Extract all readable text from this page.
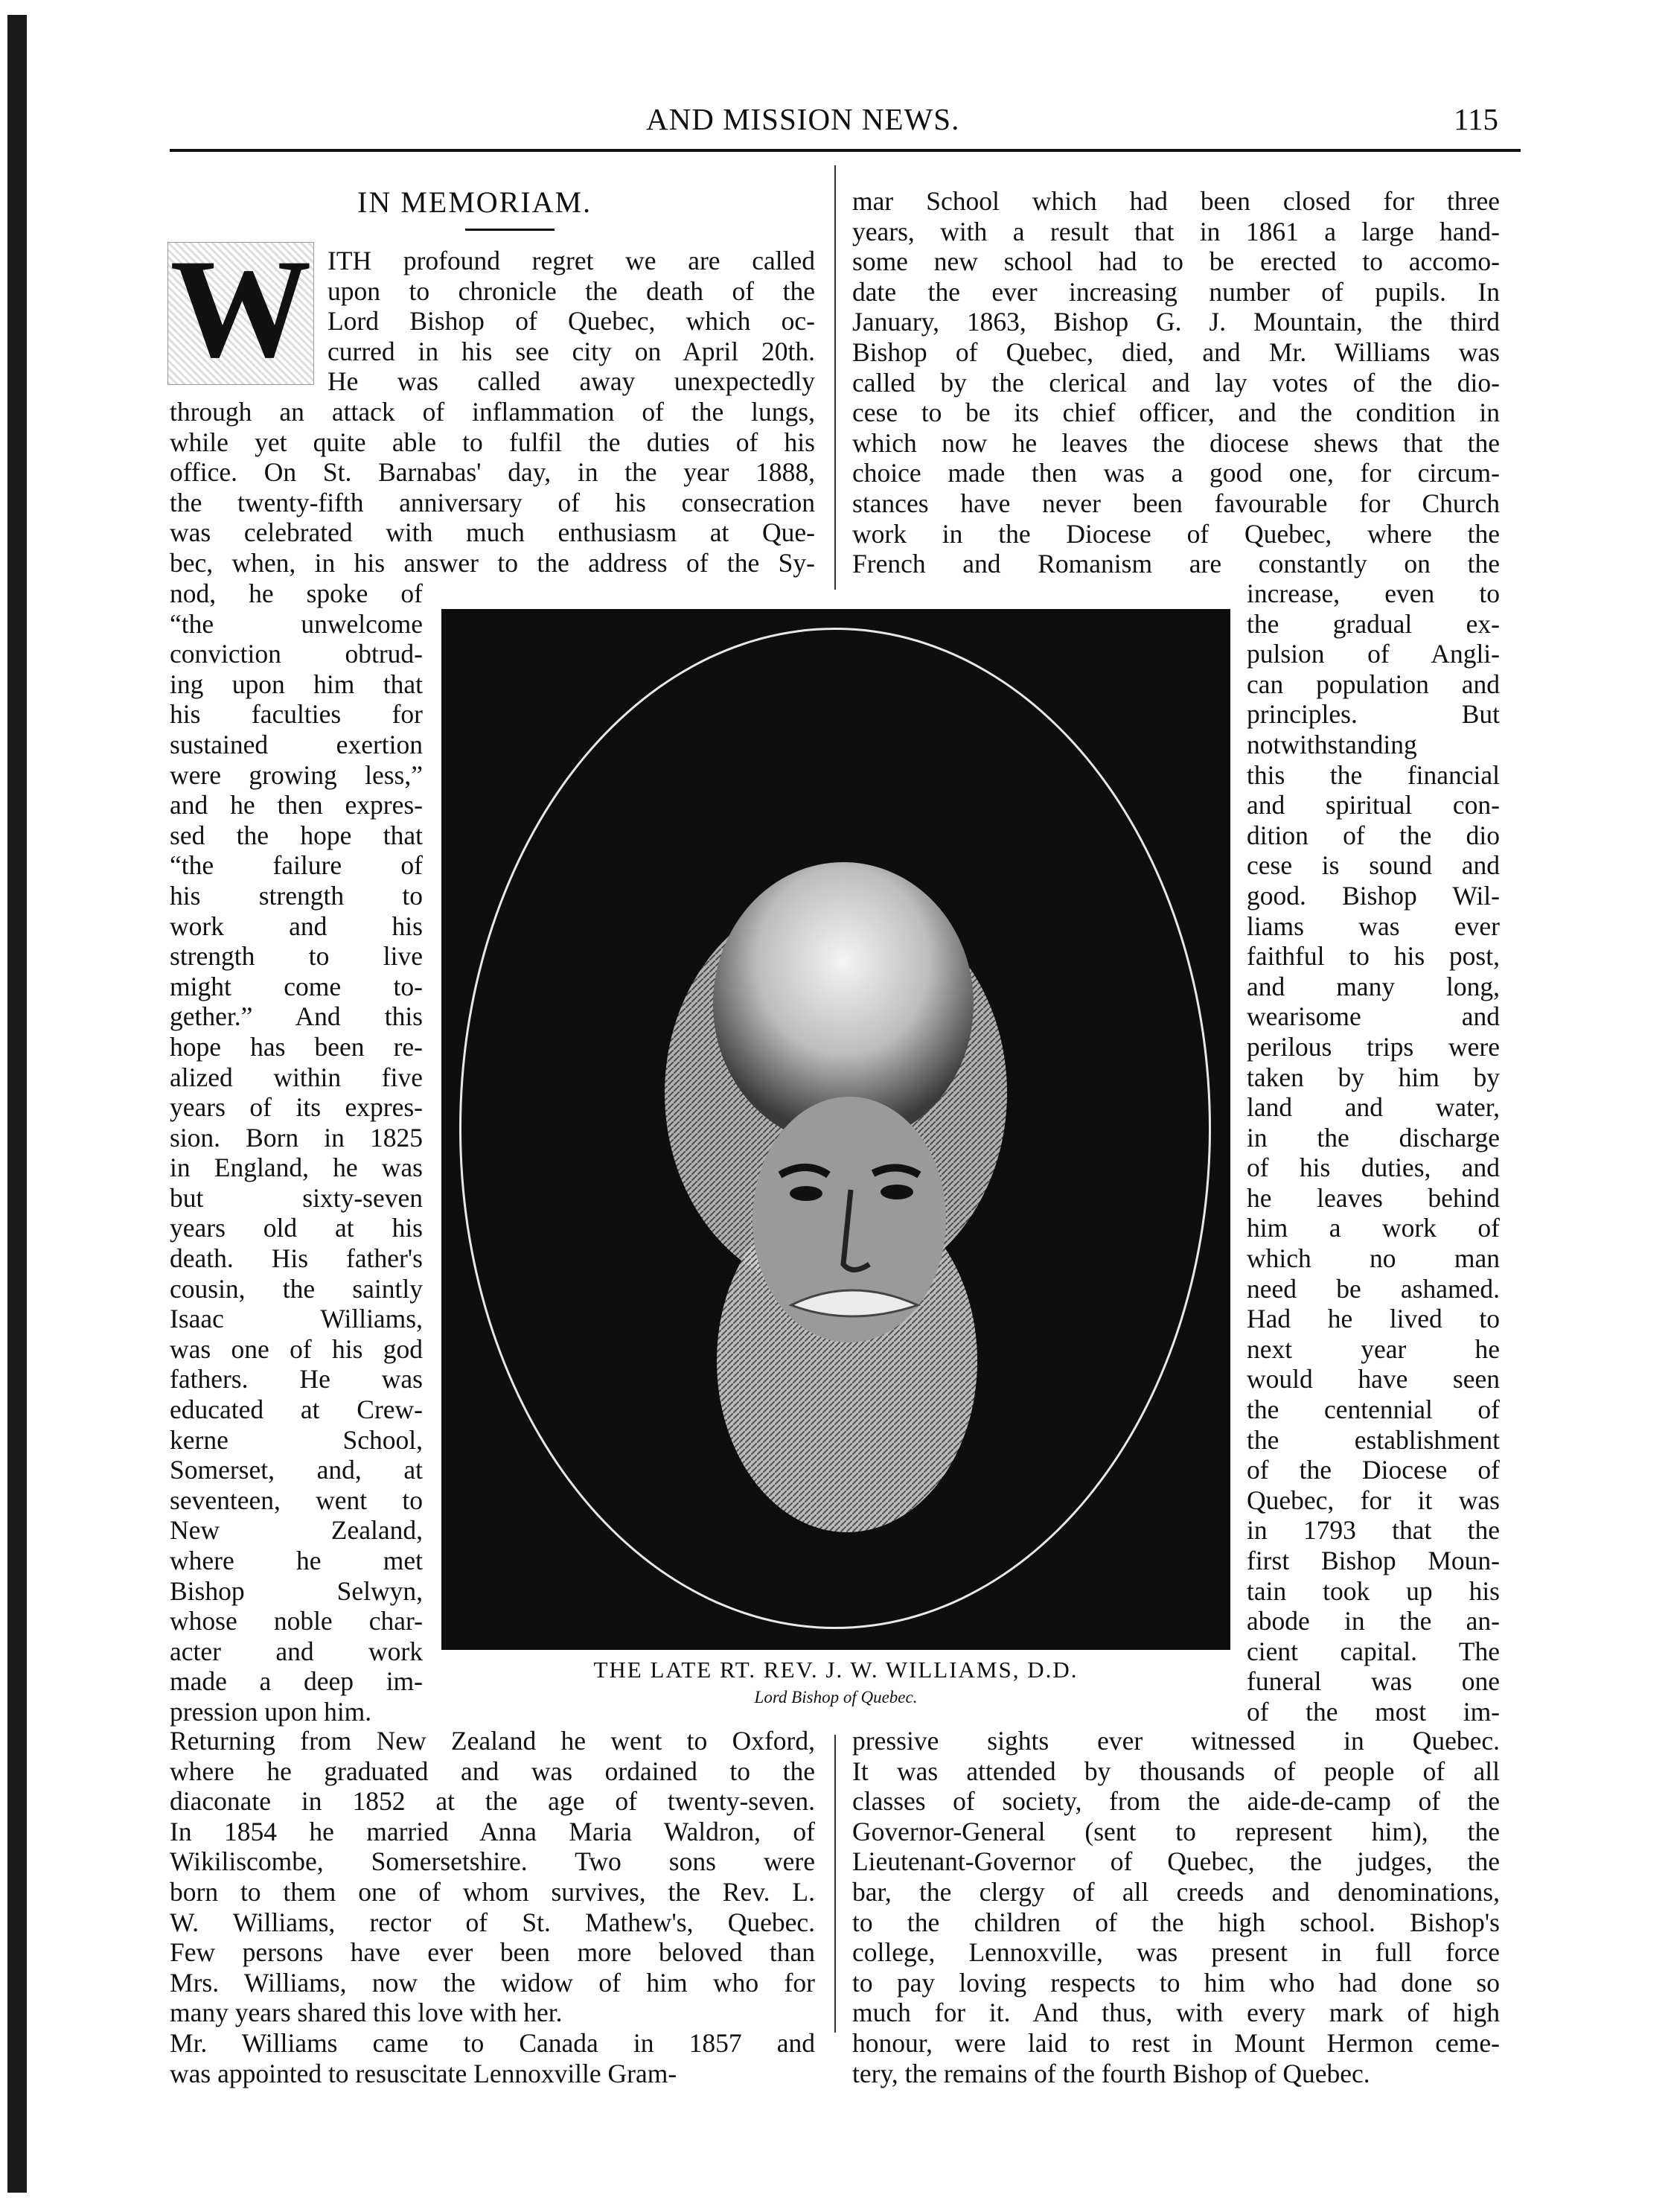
AND MISSION NEWS.	115
IN MEMORIAM.
W ITH profound regret we are called
upon to chronicle the death of the
Lord Bishop of Quebec, which oc-
curred in his see city on April 20th.
He was called away unexpectedly
through an attack of inflammation of the lungs,
while yet quite able to fulfil the duties of his
office. On St. Barnabas' day, in the year 1888,
the twenty-fifth anniversary of his consecration
was celebrated with much enthusiasm at Que-
bec, when, in his answer to the address of the Sy-
nod, he spoke of
“the unwelcome
conviction obtrud-
ing upon him that
his faculties for
sustained exertion
were growing less,”
and he then expres-
sed the hope that
“the failure of
his strength to
work and his
strength to live
might come to-
gether.” And this
hope has been re-
alized within five
years of its expres-
sion. Born in 1825
in England, he was
but sixty-seven
years old at his
death. His father's
cousin, the saintly
Isaac Williams,
was one of his god
fathers. He was
educated at Crew-
kerne School,
Somerset, and, at
seventeen, went to
New Zealand,
where he met
Bishop Selwyn,
whose noble char-
acter and work
made a deep im-
pression upon him.
Returning from New Zealand he went to Oxford,
where he graduated and was ordained to the
diaconate in 1852 at the age of twenty-seven.
In 1854 he married Anna Maria Waldron, of
Wikiliscombe, Somersetshire. Two sons were
born to them one of whom survives, the Rev. L.
W. Williams, rector of St. Mathew's, Quebec.
Few persons have ever been more beloved than
Mrs. Williams, now the widow of him who for
many years shared this love with her.
Mr. Williams came to Canada in 1857 and
was appointed to resuscitate Lennoxville Gram-
mar School which had been closed for three
years, with a result that in 1861 a large hand-
some new school had to be erected to accomo-
date the ever increasing number of pupils. In
January, 1863, Bishop G. J. Mountain, the third
Bishop of Quebec, died, and Mr. Williams was
called by the clerical and lay votes of the dio-
cese to be its chief officer, and the condition in
which now he leaves the diocese shews that the
choice made then was a good one, for circum-
stances have never been favourable for Church
work in the Diocese of Quebec, where the
French and Romanism are constantly on the
increase, even to
the gradual ex-
pulsion of Angli-
can population and
principles. But
notwithstanding
this the financial
and spiritual con-
dition of the dio
cese is sound and
good. Bishop Wil-
liams was ever
faithful to his post,
and many long,
wearisome and
perilous trips were
taken by him by
land and water,
in the discharge
of his duties, and
he leaves behind
him a work of
which no man
need be ashamed.
Had he lived to
next year he
would have seen
the centennial of
the establishment
of the Diocese of
Quebec, for it was
in 1793 that the
first Bishop Moun-
tain took up his
abode in the an-
cient capital. The
funeral was one
of the most im-
pressive sights ever witnessed in Quebec.
It was attended by thousands of people of all
classes of society, from the aide-de-camp of the
Governor-General (sent to represent him), the
Lieutenant-Governor of Quebec, the judges, the
bar, the clergy of all creeds and denominations,
to the children of the high school. Bishop's
college, Lennoxville, was present in full force
to pay loving respects to him who had done so
much for it. And thus, with every mark of high
honour, were laid to rest in Mount Hermon ceme-
tery, the remains of the fourth Bishop of Quebec.
THE LATE RT. REV. J. W. WILLIAMS, D.D.
Lord Bishop of Quebec.
